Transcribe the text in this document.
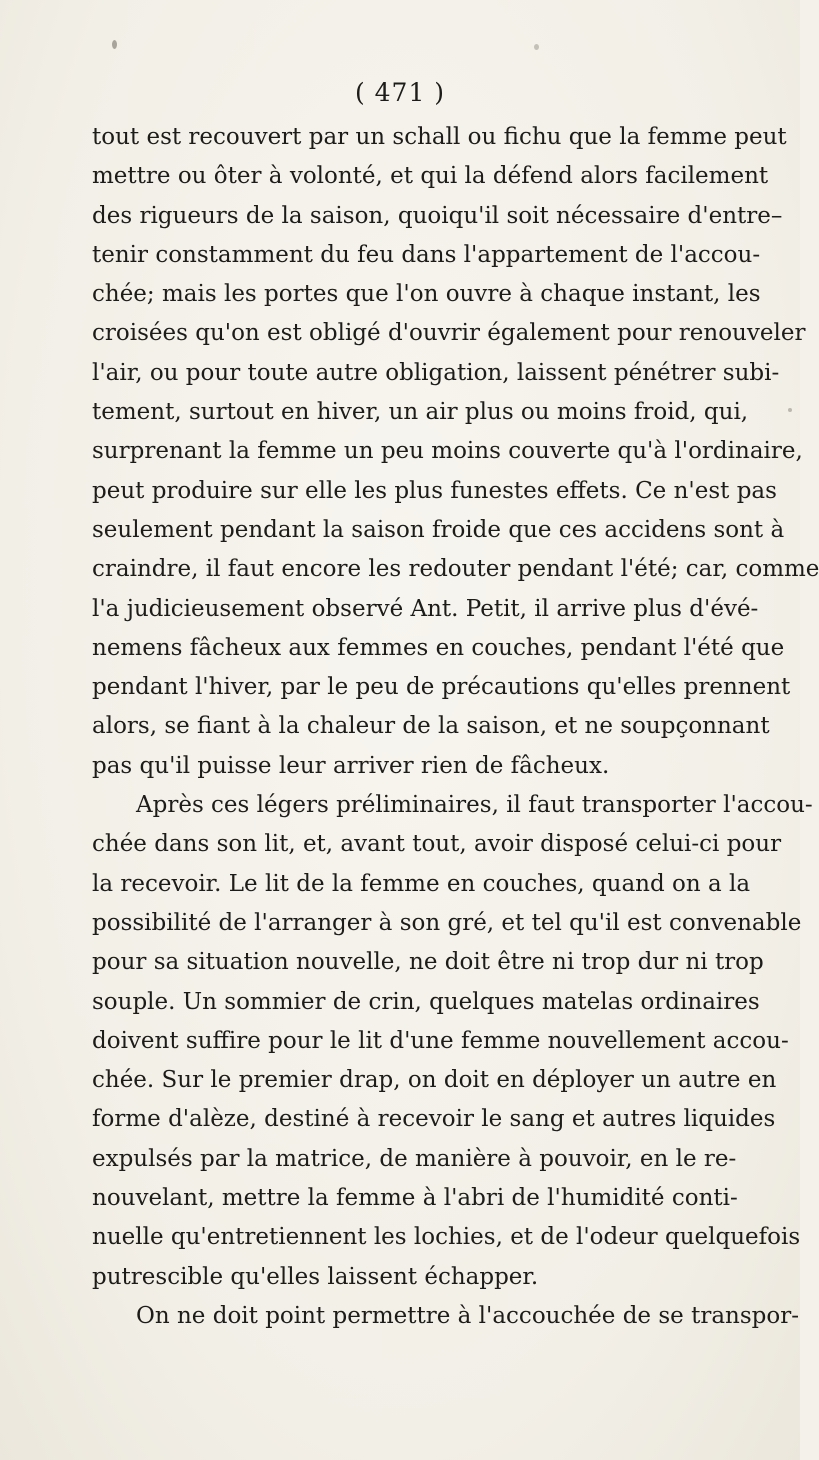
( 471 )
tout est recouvert par un schall ou fichu que la femme peut
mettre ou ôter à volonté, et qui la défend alors facilement
des rigueurs de la saison, quoiqu'il soit nécessaire d'entre–
tenir constamment du feu dans l'appartement de l'accou-
chée; mais les portes que l'on ouvre à chaque instant, les
croisées qu'on est obligé d'ouvrir également pour renouveler
l'air, ou pour toute autre obligation, laissent pénétrer subi-
tement, surtout en hiver, un air plus ou moins froid, qui,
surprenant la femme un peu moins couverte qu'à l'ordinaire,
peut produire sur elle les plus funestes effets. Ce n'est pas
seulement pendant la saison froide que ces accidens sont à
craindre, il faut encore les redouter pendant l'été; car, comme
l'a judicieusement observé Ant. Petit, il arrive plus d'évé-
nemens fâcheux aux femmes en couches, pendant l'été que
pendant l'hiver, par le peu de précautions qu'elles prennent
alors, se fiant à la chaleur de la saison, et ne soupçonnant
pas qu'il puisse leur arriver rien de fâcheux.
Après ces légers préliminaires, il faut transporter l'accou-
chée dans son lit, et, avant tout, avoir disposé celui-ci pour
la recevoir. Le lit de la femme en couches, quand on a la
possibilité de l'arranger à son gré, et tel qu'il est convenable
pour sa situation nouvelle, ne doit être ni trop dur ni trop
souple. Un sommier de crin, quelques matelas ordinaires
doivent suffire pour le lit d'une femme nouvellement accou-
chée. Sur le premier drap, on doit en déployer un autre en
forme d'alèze, destiné à recevoir le sang et autres liquides
expulsés par la matrice, de manière à pouvoir, en le re-
nouvelant, mettre la femme à l'abri de l'humidité conti-
nuelle qu'entretiennent les lochies, et de l'odeur quelquefois
putrescible qu'elles laissent échapper.
On ne doit point permettre à l'accouchée de se transpor-
